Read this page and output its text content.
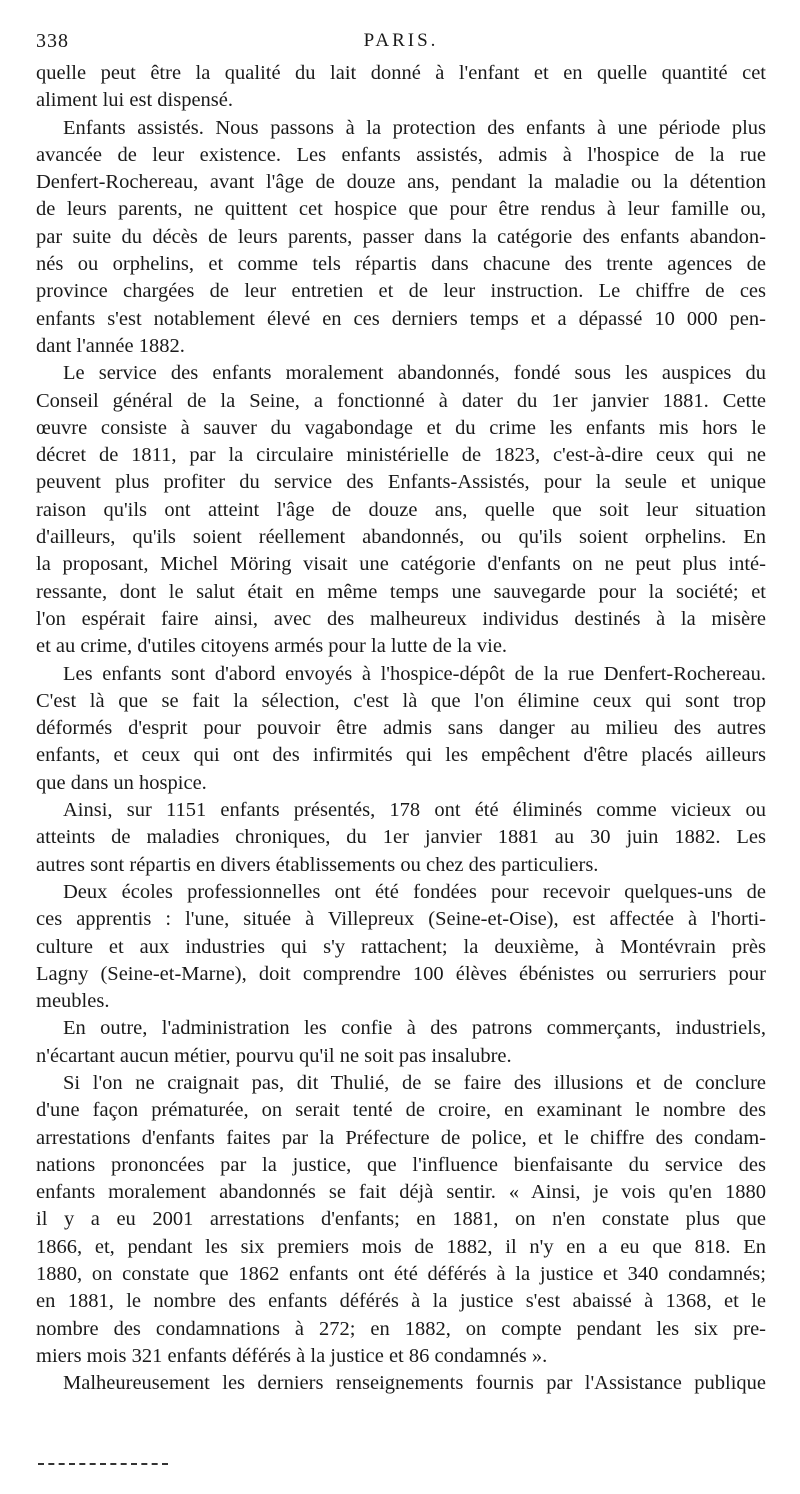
338	PARIS.
quelle peut être la qualité du lait donné à l'enfant et en quelle quantité cet
aliment lui est dispensé.
Enfants assistés. Nous passons à la protection des enfants à une période plus
avancée de leur existence. Les enfants assistés, admis à l'hospice de la rue
Denfert-Rochereau, avant l'âge de douze ans, pendant la maladie ou la détention
de leurs parents, ne quittent cet hospice que pour être rendus à leur famille ou,
par suite du décès de leurs parents, passer dans la catégorie des enfants abandon-
nés ou orphelins, et comme tels répartis dans chacune des trente agences de
province chargées de leur entretien et de leur instruction. Le chiffre de ces
enfants s'est notablement élevé en ces derniers temps et a dépassé 10 000 pen-
dant l'année 1882.
Le service des enfants moralement abandonnés, fondé sous les auspices du
Conseil général de la Seine, a fonctionné à dater du 1er janvier 1881. Cette
œuvre consiste à sauver du vagabondage et du crime les enfants mis hors le
décret de 1811, par la circulaire ministérielle de 1823, c'est-à-dire ceux qui ne
peuvent plus profiter du service des Enfants-Assistés, pour la seule et unique
raison qu'ils ont atteint l'âge de douze ans, quelle que soit leur situation
d'ailleurs, qu'ils soient réellement abandonnés, ou qu'ils soient orphelins. En
la proposant, Michel Möring visait une catégorie d'enfants on ne peut plus inté-
ressante, dont le salut était en même temps une sauvegarde pour la société; et
l'on espérait faire ainsi, avec des malheureux individus destinés à la misère
et au crime, d'utiles citoyens armés pour la lutte de la vie.
Les enfants sont d'abord envoyés à l'hospice-dépôt de la rue Denfert-Rochereau.
C'est là que se fait la sélection, c'est là que l'on élimine ceux qui sont trop
déformés d'esprit pour pouvoir être admis sans danger au milieu des autres
enfants, et ceux qui ont des infirmités qui les empêchent d'être placés ailleurs
que dans un hospice.
Ainsi, sur 1151 enfants présentés, 178 ont été éliminés comme vicieux ou
atteints de maladies chroniques, du 1er janvier 1881 au 30 juin 1882. Les
autres sont répartis en divers établissements ou chez des particuliers.
Deux écoles professionnelles ont été fondées pour recevoir quelques-uns de
ces apprentis : l'une, située à Villepreux (Seine-et-Oise), est affectée à l'horti-
culture et aux industries qui s'y rattachent; la deuxième, à Montévrain près
Lagny (Seine-et-Marne), doit comprendre 100 élèves ébénistes ou serruriers pour
meubles.
En outre, l'administration les confie à des patrons commerçants, industriels,
n'écartant aucun métier, pourvu qu'il ne soit pas insalubre.
Si l'on ne craignait pas, dit Thulié, de se faire des illusions et de conclure
d'une façon prématurée, on serait tenté de croire, en examinant le nombre des
arrestations d'enfants faites par la Préfecture de police, et le chiffre des condam-
nations prononcées par la justice, que l'influence bienfaisante du service des
enfants moralement abandonnés se fait déjà sentir. « Ainsi, je vois qu'en 1880
il y a eu 2001 arrestations d'enfants; en 1881, on n'en constate plus que
1866, et, pendant les six premiers mois de 1882, il n'y en a eu que 818. En
1880, on constate que 1862 enfants ont été déférés à la justice et 340 condamnés;
en 1881, le nombre des enfants déférés à la justice s'est abaissé à 1368, et le
nombre des condamnations à 272; en 1882, on compte pendant les six pre-
miers mois 321 enfants déférés à la justice et 86 condamnés ».
Malheureusement les derniers renseignements fournis par l'Assistance publique
